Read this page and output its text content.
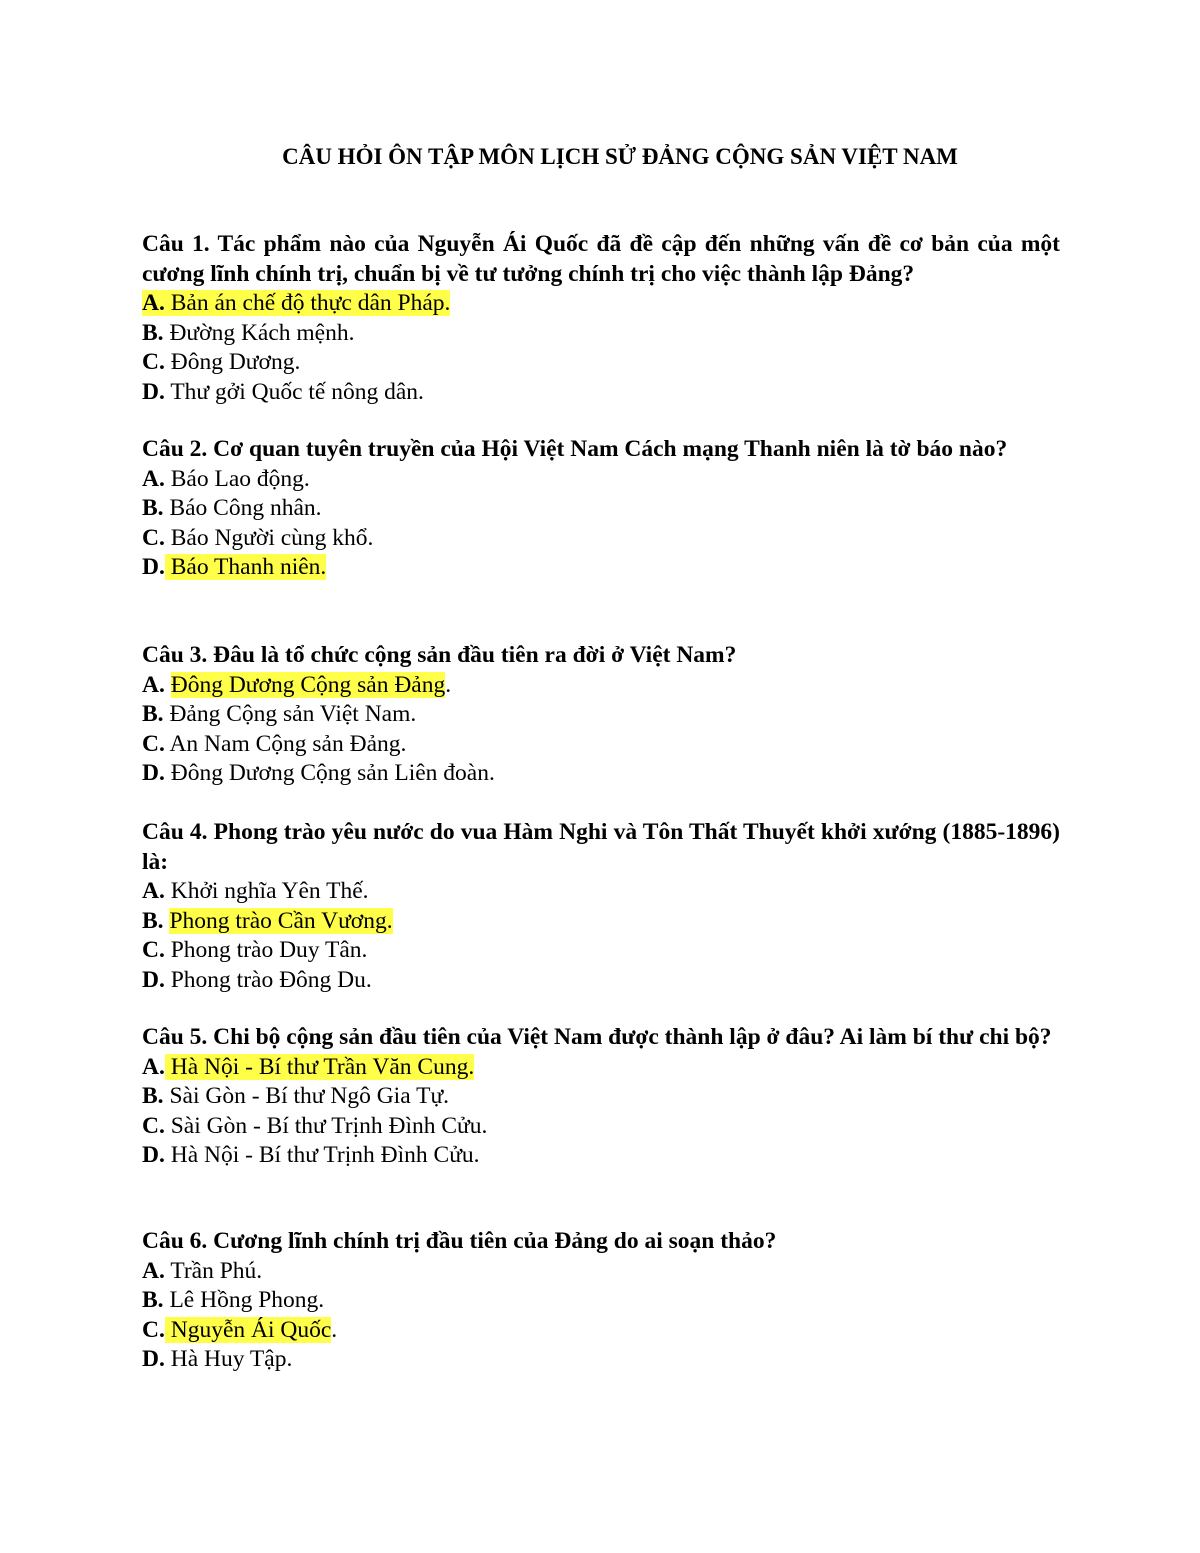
CÂU HỎI ÔN TẬP MÔN LỊCH SỬ ĐẢNG CỘNG SẢN VIỆT NAM
Câu 1. Tác phẩm nào của Nguyễn Ái Quốc đã đề cập đến những vấn đề cơ bản của một cương lĩnh chính trị, chuẩn bị về tư tưởng chính trị cho việc thành lập Đảng?
A. Bản án chế độ thực dân Pháp.
B. Đường Kách mệnh.
C. Đông Dương.
D. Thư gởi Quốc tế nông dân.
Câu 2. Cơ quan tuyên truyền của Hội Việt Nam Cách mạng Thanh niên là tờ báo nào?
A. Báo Lao động.
B. Báo Công nhân.
C. Báo Người cùng khổ.
D. Báo Thanh niên.
Câu 3. Đâu là tổ chức cộng sản đầu tiên ra đời ở Việt Nam?
A. Đông Dương Cộng sản Đảng.
B. Đảng Cộng sản Việt Nam.
C. An Nam Cộng sản Đảng.
D. Đông Dương Cộng sản Liên đoàn.
Câu 4. Phong trào yêu nước do vua Hàm Nghi và Tôn Thất Thuyết khởi xướng (1885-1896) là:
A. Khởi nghĩa Yên Thế.
B. Phong trào Cần Vương.
C. Phong trào Duy Tân.
D. Phong trào Đông Du.
Câu 5. Chi bộ cộng sản đầu tiên của Việt Nam được thành lập ở đâu? Ai làm bí thư chi bộ?
A. Hà Nội - Bí thư Trần Văn Cung.
B. Sài Gòn - Bí thư Ngô Gia Tự.
C. Sài Gòn - Bí thư Trịnh Đình Cửu.
D. Hà Nội - Bí thư Trịnh Đình Cửu.
Câu 6. Cương lĩnh chính trị đầu tiên của Đảng do ai soạn thảo?
A. Trần Phú.
B. Lê Hồng Phong.
C. Nguyễn Ái Quốc.
D. Hà Huy Tập.
